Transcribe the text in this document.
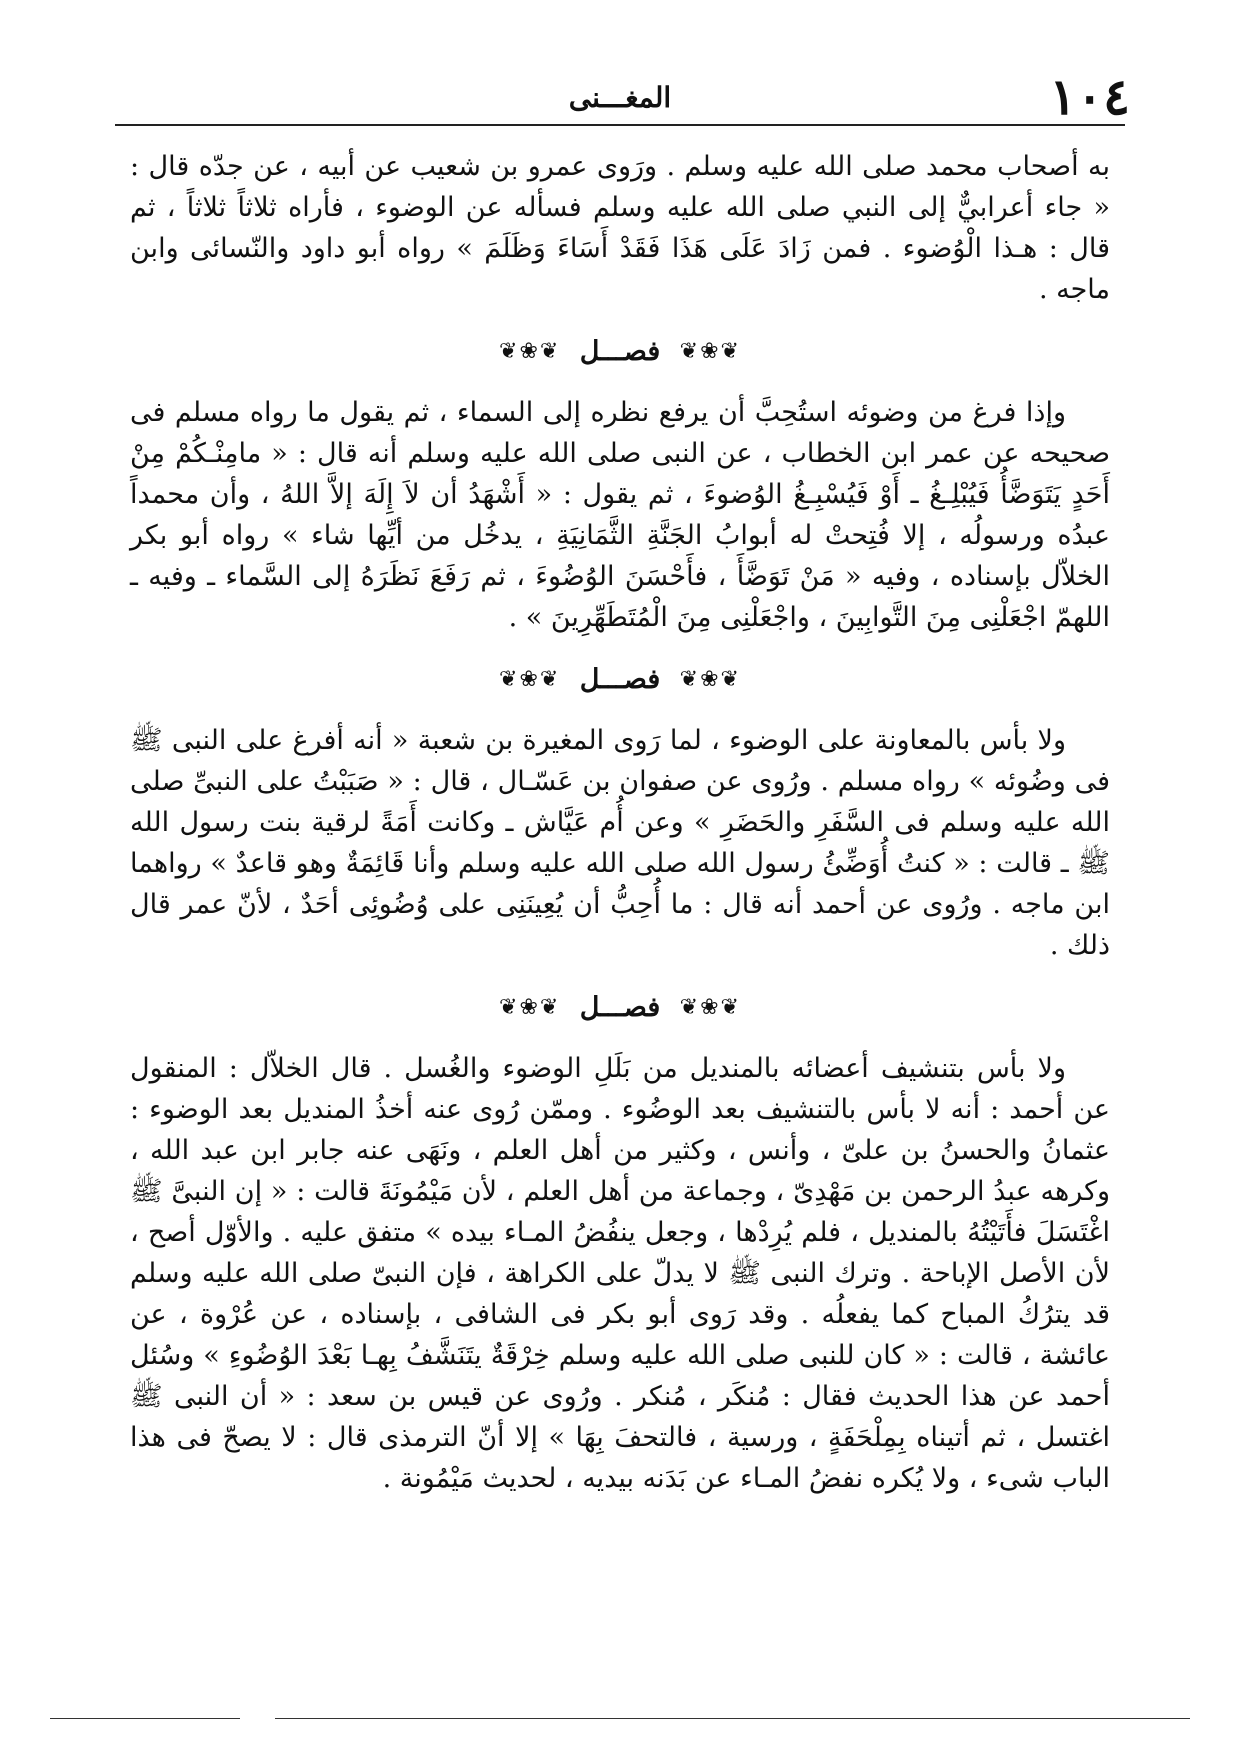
١٠٤
المغـــنى

به أصحاب محمد صلى الله عليه وسلم . ورَوى عمرو بن شعيب عن أبيه ، عن جدّه قال : « جاء أعرابيٌّ إلى النبي صلى الله عليه وسلم فسأله عن الوضوء ، فأراه ثلاثاً ثلاثاً ، ثم قال : هـذا الْوُضوء . فمن زَادَ عَلَى هَذَا فَقَدْ أَسَاءَ وَظَلَمَ » رواه أبو داود والنّسائى وابن ماجه .

❦❀❦ فصـــل ❦❀❦

وإذا فرغ من وضوئه استُحِبَّ أن يرفع نظره إلى السماء ، ثم يقول ما رواه مسلم فى صحيحه عن عمر ابن الخطاب ، عن النبى صلى الله عليه وسلم أنه قال : « مامِنْـكُمْ مِنْ أَحَدٍ يَتَوَضَّأُ فَيُبْلِـغُ ـ أَوْ فَيُسْبِـغُ الوُضوءَ ، ثم يقول : « أَشْهَدُ أن لاَ إِلَهَ إلاَّ اللهُ ، وأن محمداً عبدُه ورسولُه ، إلا فُتِحتْ له أبوابُ الجَنَّةِ الثَّمَانِيَةِ ، يدخُل من أيِّها شاء » رواه أبو بكر الخلاّل بإسناده ، وفيه « مَنْ تَوَضَّأَ ، فأَحْسَنَ الوُضُوءَ ، ثم رَفَعَ نَظَرَهُ إلى السَّماء ـ وفيه ـ اللهمّ اجْعَلْنِى مِنَ التَّوابِينَ ، واجْعَلْنِى مِنَ الْمُتَطَهِّرِينَ » .

❦❀❦ فصـــل ❦❀❦

ولا بأس بالمعاونة على الوضوء ، لما رَوى المغيرة بن شعبة « أنه أفرغ على النبى ﷺ فى وضُوئه » رواه مسلم . ورُوى عن صفوان بن عَسّـال ، قال : « صَبَبْتُ على النبىِّ صلى الله عليه وسلم فى السَّفَرِ والحَضَرِ » وعن أُم عَيَّاش ـ وكانت أَمَةً لرقية بنت رسول الله ﷺ ـ قالت : « كنتُ أُوَضِّئُ رسول الله صلى الله عليه وسلم وأنا قَائِمَةٌ وهو قاعدٌ » رواهما ابن ماجه . ورُوى عن أحمد أنه قال : ما أُحِبُّ أن يُعِينَنِى على وُضُوئِى أحَدٌ ، لأنّ عمر قال ذلك .

❦❀❦ فصـــل ❦❀❦

ولا بأس بتنشيف أعضائه بالمنديل من بَلَلِ الوضوء والغُسل . قال الخلاّل : المنقول عن أحمد : أنه لا بأس بالتنشيف بعد الوضُوء . وممّن رُوى عنه أخذُ المنديل بعد الوضوء : عثمانُ والحسنُ بن علىّ ، وأنس ، وكثير من أهل العلم ، ونَهَى عنه جابر ابن عبد الله ، وكرهه عبدُ الرحمن بن مَهْدِىّ ، وجماعة من أهل العلم ، لأن مَيْمُونَةَ قالت : « إن النبىَّ ﷺ اغْتَسَلَ فأَتَيْتُهُ بالمنديل ، فلم يُرِدْها ، وجعل ينفُضُ المـاء بيده » متفق عليه . والأوّل أصح ، لأن الأصل الإباحة . وترك النبى ﷺ لا يدلّ على الكراهة ، فإن النبىّ صلى الله عليه وسلم قد يترُكُ المباح كما يفعلُه . وقد رَوى أبو بكر فى الشافى ، بإسناده ، عن عُرْوة ، عن عائشة ، قالت : « كان للنبى صلى الله عليه وسلم خِرْقَةٌ يتَنَشَّفُ بِهـا بَعْدَ الوُضُوءِ » وسُئل أحمد عن هذا الحديث فقال : مُنكَر ، مُنكر . ورُوى عن قيس بن سعد : « أن النبى ﷺ اغتسل ، ثم أتيناه بِمِلْحَفَةٍ ، ورسية ، فالتحفَ بِهَا » إلا أنّ الترمذى قال : لا يصحّ فى هذا الباب شىء ، ولا يُكره نفضُ المـاء عن بَدَنه بيديه ، لحديث مَيْمُونة .
